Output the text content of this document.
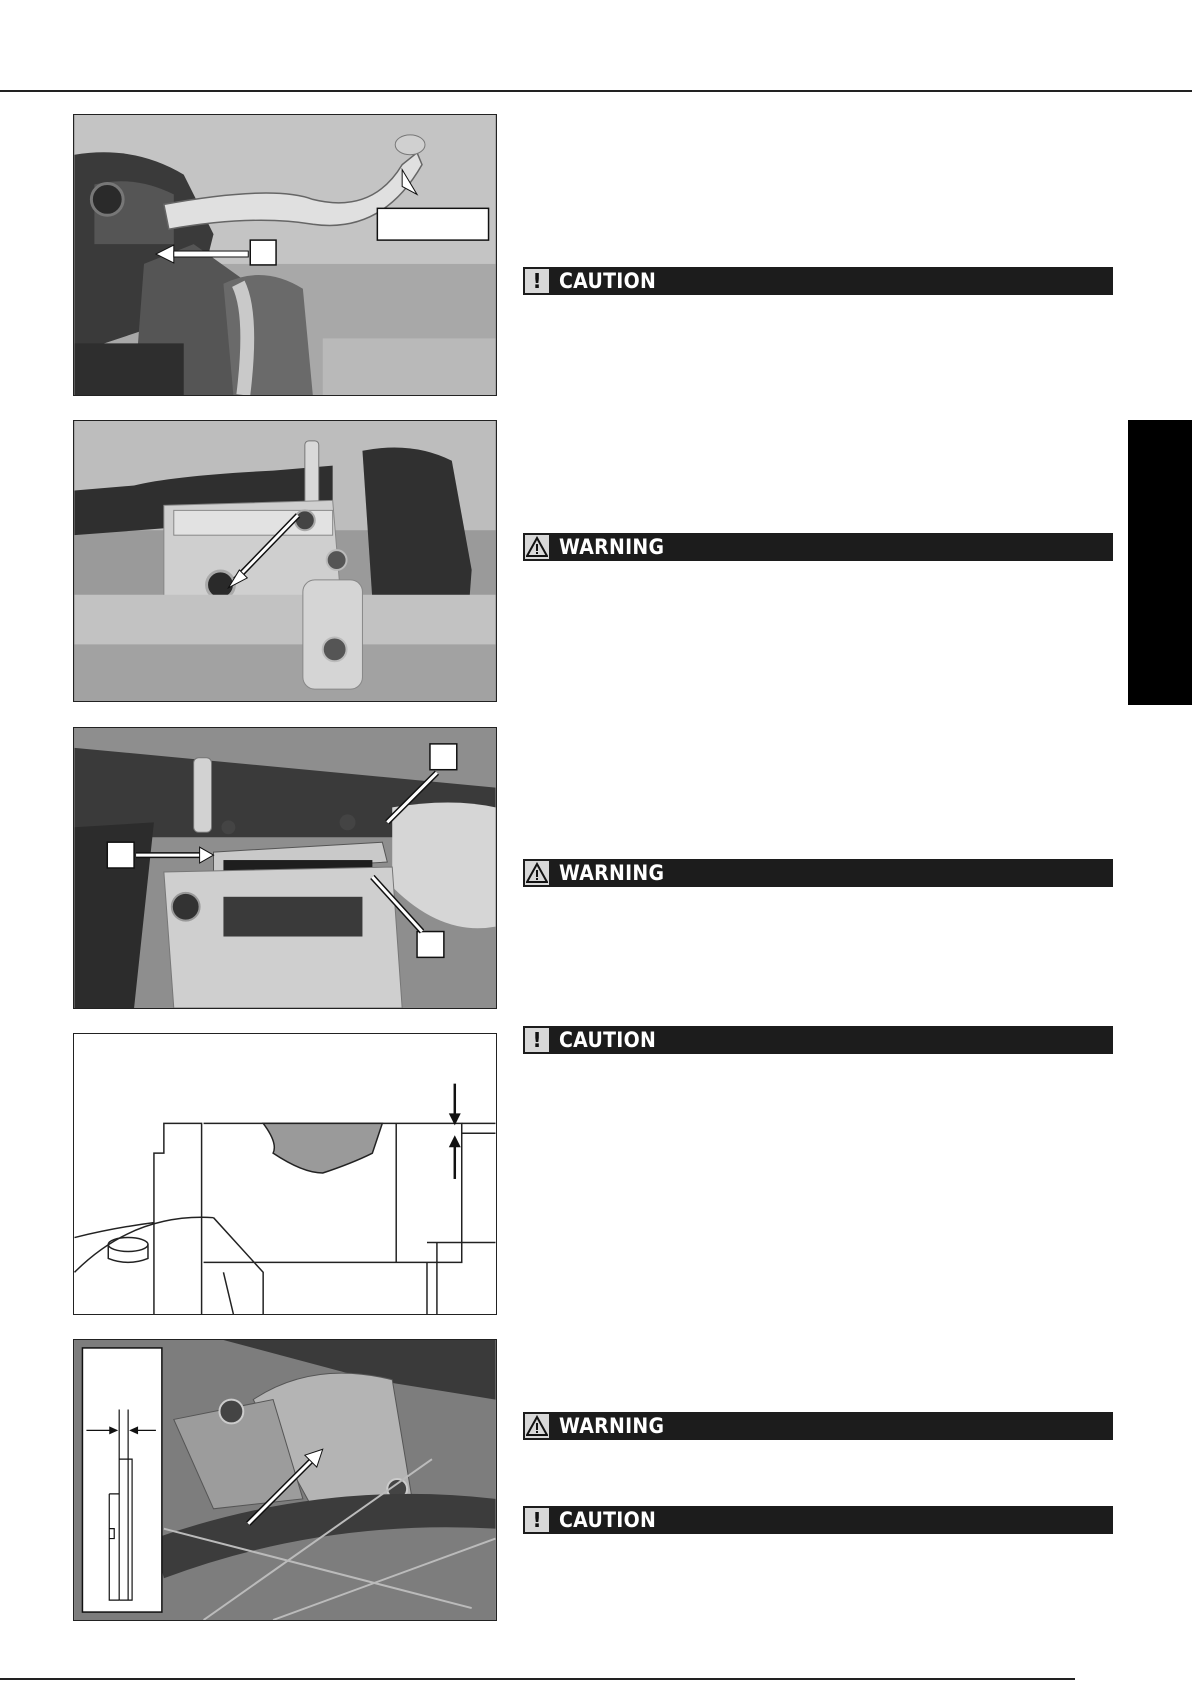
! CAUTION
WARNING
WARNING
! CAUTION
WARNING
! CAUTION
